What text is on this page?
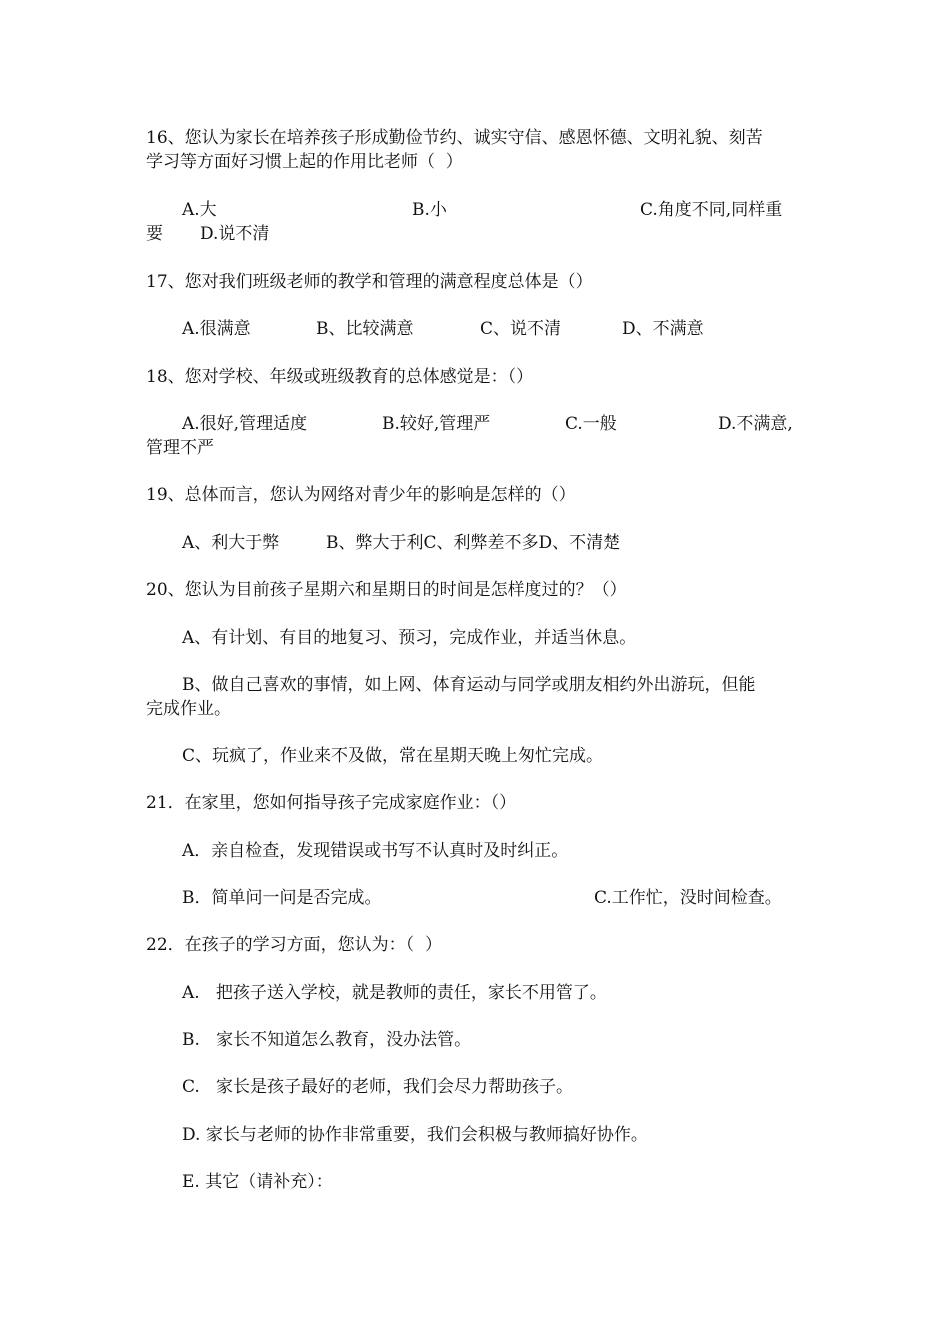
16、您认为家长在培养孩子形成勤俭节约、诚实守信、感恩怀德、文明礼貌、刻苦
学习等方面好习惯上起的作用比老师（  ）
A.大	B.小	C.角度不同,同样重
要 D.说不清
17、您对我们班级老师的教学和管理的满意程度总体是（）
A.很满意	B、比较满意	C、说不清	D、不满意
18、您对学校、年级或班级教育的总体感觉是：（）
A.很好,管理适度	B.较好,管理严	C.一般	D.不满意,
管理不严
19、总体而言，您认为网络对青少年的影响是怎样的（）
A、利大于弊	B、弊大于利C、利弊差不多D、不清楚
20、您认为目前孩子星期六和星期日的时间是怎样度过的？（）
A、有计划、有目的地复习、预习，完成作业，并适当休息。
B、做自己喜欢的事情，如上网、体育运动与同学或朋友相约外出游玩，但能
完成作业。
C、玩疯了，作业来不及做，常在星期天晚上匆忙完成。
21．在家里，您如何指导孩子完成家庭作业：（）
A．亲自检查，发现错误或书写不认真时及时纠正。
B．简单问一问是否完成。	C.工作忙，没时间检查。
22．在孩子的学习方面，您认为：（  ）
A.   把孩子送入学校，就是教师的责任，家长不用管了。
B.   家长不知道怎么教育，没办法管。
C.   家长是孩子最好的老师，我们会尽力帮助孩子。
D. 家长与老师的协作非常重要，我们会积极与教师搞好协作。
E. 其它（请补充）：
